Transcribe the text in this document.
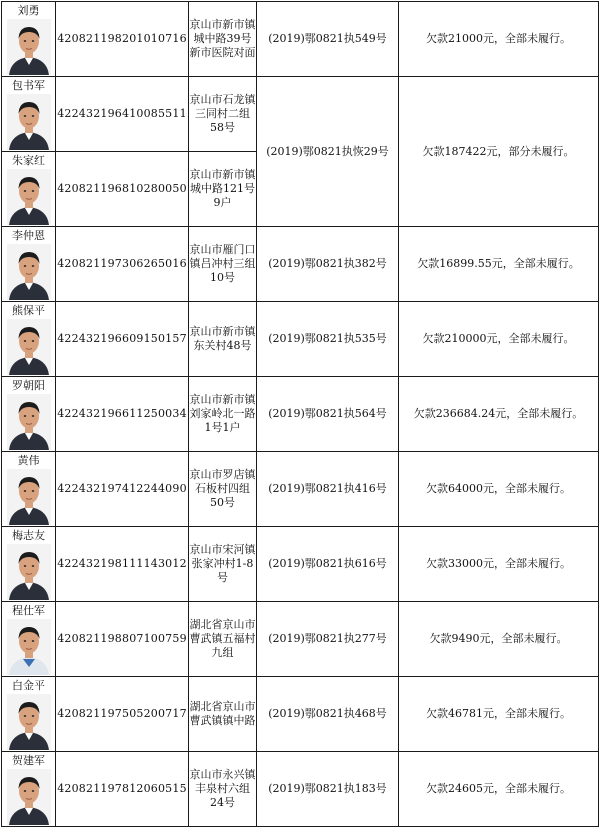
刘勇	420821198201010716	京山市新市镇城中路39号新市医院对面	(2019)鄂0821执549号	欠款21000元，全部未履行。

包书军	422432196410085511	京山市石龙镇三同村二组58号	(2019)鄂0821执恢29号	欠款187422元，部分未履行。

朱家红	420821196810280050	京山市新市镇城中路121号9户		

李仲恩	420821197306265016	京山市雁门口镇吕冲村三组10号	(2019)鄂0821执382号	欠款16899.55元，全部未履行。

熊保平	422432196609150157	京山市新市镇东关村48号	(2019)鄂0821执535号	欠款210000元，全部未履行。

罗朝阳	422432196611250034	京山市新市镇刘家岭北一路1号1户	(2019)鄂0821执564号	欠款236684.24元，全部未履行。

黄伟	422432197412244090	京山市罗店镇石板村四组50号	(2019)鄂0821执416号	欠款64000元，全部未履行。

梅志友	422432198111143012	京山市宋河镇张家冲村1-8号	(2019)鄂0821执616号	欠款33000元，全部未履行。

程仕军	420821198807100759	湖北省京山市曹武镇五福村九组	(2019)鄂0821执277号	欠款9490元，全部未履行。

白金平	420821197505200717	湖北省京山市曹武镇镇中路	(2019)鄂0821执468号	欠款46781元，全部未履行。

贺建军	420821197812060515	京山市永兴镇丰泉村六组24号	(2019)鄂0821执183号	欠款24605元，全部未履行。
